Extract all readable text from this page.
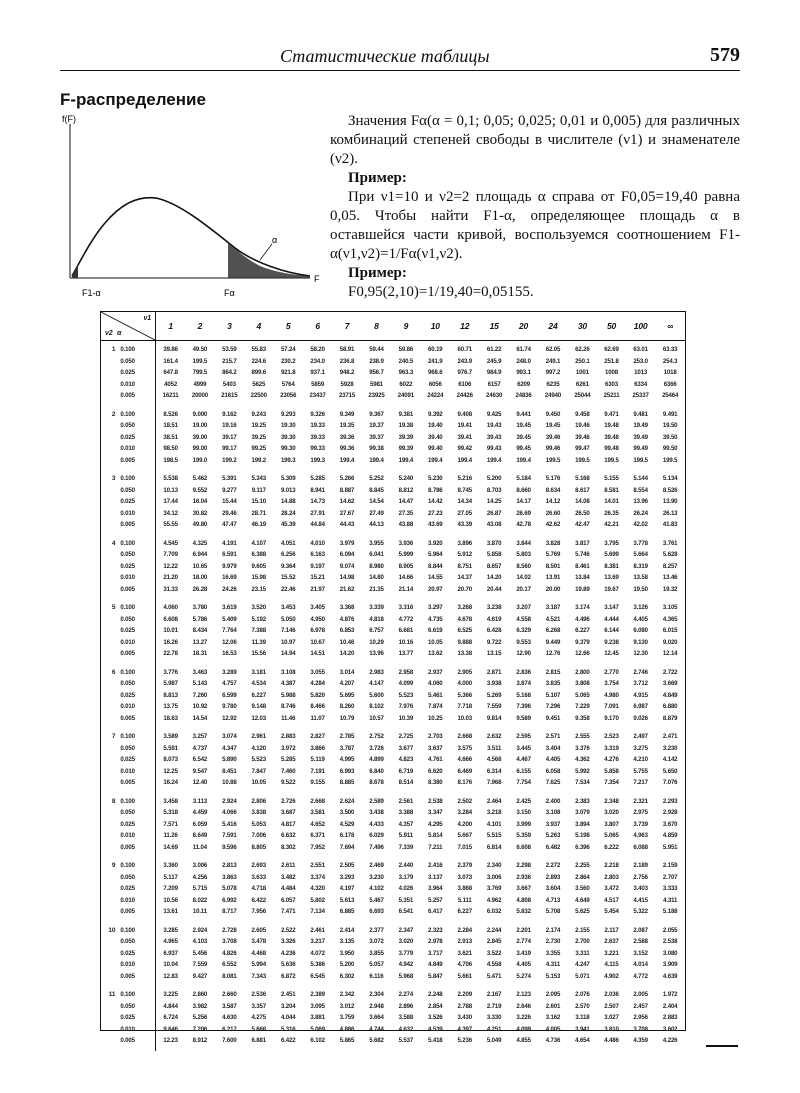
Статистические таблицы	579
F-распределение
f(F)
F
α
F1-α	Fα

Значения Fα(α = 0,1; 0,05; 0,025; 0,01 и 0,005) для различных комбинаций степеней свободы в числителе (ν1) и знаменателе (ν2).

Пример:

При ν1=10 и ν2=2 площадь α справа от F0,05=19,40 равна 0,05. Чтобы найти F1-α, определяющее площадь α в оставшейся части кривой, воспользуемся соотношением F1-α(ν1,ν2)=1/Fα(ν1,ν2).

Пример:

F0,95(2,10)=1/19,40=0,05155.

ν1
ν2 α		1	2	3	4	5	6	7	8	9	10	12	15	20	24	30	50	100	∞
1	0.100	39.86	49.50	53.59	55.83	57.24	58.20	58.91	59.44	59.86	60.19	60.71	61.22	61.74	62.05	62.26	62.69	63.01	63.33
	0.050	161.4	199.5	215.7	224.6	230.2	234.0	236.8	238.9	240.5	241.9	243.9	245.9	248.0	249.1	250.1	251.8	253.0	254.3
	0.025	647.8	799.5	864.2	899.6	921.8	937.1	948.2	956.7	963.3	968.6	976.7	984.9	993.1	997.2	1001	1008	1013	1018
	0.010	4052	4999	5403	5625	5764	5859	5928	5981	6022	6056	6106	6157	6209	6235	6261	6303	6334	6366
	0.005	16211	20000	21615	22500	23056	23437	23715	23925	24091	24224	24426	24630	24836	24940	25044	25211	25337	25464
2	0.100	8.526	9.000	9.162	9.243	9.293	9.326	9.349	9.367	9.381	9.392	9.408	9.425	9.441	9.450	9.458	9.471	9.481	9.491
	0.050	18.51	19.00	19.16	19.25	19.30	19.33	19.35	19.37	19.38	19.40	19.41	19.43	19.45	19.45	19.46	19.48	19.49	19.50
	0.025	38.51	39.00	39.17	39.25	39.30	39.33	39.36	39.37	39.39	39.40	39.41	39.43	39.45	39.46	39.46	39.48	39.49	39.50
	0.010	98.50	99.00	99.17	99.25	99.30	99.33	99.36	99.38	99.39	99.40	99.42	99.43	99.45	99.46	99.47	99.48	99.49	99.50
	0.005	198.5	199.0	199.2	199.2	199.3	199.3	199.4	199.4	199.4	199.4	199.4	199.4	199.4	199.5	199.5	199.5	199.5	199.5
3	0.100	5.538	5.462	5.391	5.343	5.309	5.285	5.266	5.252	5.240	5.230	5.216	5.200	5.184	5.176	5.168	5.155	5.144	5.134
	0.050	10.13	9.552	9.277	9.117	9.013	8.941	8.887	8.845	8.812	8.786	8.745	8.703	8.660	8.634	8.617	8.581	8.554	8.526
	0.025	17.44	16.04	15.44	15.10	14.88	14.73	14.62	14.54	14.47	14.42	14.34	14.25	14.17	14.12	14.08	14.01	13.96	13.90
	0.010	34.12	30.82	29.46	28.71	28.24	27.91	27.67	27.49	27.35	27.23	27.05	26.87	26.69	26.60	26.50	26.35	26.24	26.13
	0.005	55.55	49.80	47.47	46.19	45.39	44.84	44.43	44.13	43.88	43.69	43.39	43.08	42.78	42.62	42.47	42.21	42.02	41.83
4	0.100	4.545	4.325	4.191	4.107	4.051	4.010	3.979	3.955	3.936	3.920	3.896	3.870	3.844	3.828	3.817	3.795	3.778	3.761
	0.050	7.709	6.944	6.591	6.388	6.256	6.163	6.094	6.041	5.999	5.964	5.912	5.858	5.803	5.769	5.746	5.699	5.664	5.628
	0.025	12.22	10.65	9.979	9.605	9.364	9.197	9.074	8.980	8.905	8.844	8.751	8.657	8.560	8.501	8.461	8.381	8.319	8.257
	0.010	21.20	18.00	16.69	15.98	15.52	15.21	14.98	14.80	14.66	14.55	14.37	14.20	14.02	13.91	13.84	13.69	13.58	13.46
	0.005	31.33	26.28	24.26	23.15	22.46	21.97	21.62	21.35	21.14	20.97	20.70	20.44	20.17	20.00	19.89	19.67	19.50	19.32
5	0.100	4.060	3.780	3.619	3.520	3.453	3.405	3.368	3.339	3.316	3.297	3.268	3.238	3.207	3.187	3.174	3.147	3.126	3.105
	0.050	6.608	5.786	5.409	5.192	5.050	4.950	4.876	4.818	4.772	4.735	4.678	4.619	4.558	4.521	4.496	4.444	4.405	4.365
	0.025	10.01	8.434	7.764	7.388	7.146	6.978	6.853	6.757	6.681	6.619	6.525	6.428	6.329	6.268	6.227	6.144	6.080	6.015
	0.010	16.26	13.27	12.06	11.39	10.97	10.67	10.46	10.29	10.16	10.05	9.888	9.722	9.553	9.449	9.379	9.238	9.130	9.020
	0.005	22.78	18.31	16.53	15.56	14.94	14.51	14.20	13.96	13.77	13.62	13.38	13.15	12.90	12.76	12.66	12.45	12.30	12.14
6	0.100	3.776	3.463	3.289	3.181	3.108	3.055	3.014	2.983	2.958	2.937	2.905	2.871	2.836	2.815	2.800	2.770	2.746	2.722
	0.050	5.987	5.143	4.757	4.534	4.387	4.284	4.207	4.147	4.099	4.060	4.000	3.938	3.874	3.835	3.808	3.754	3.712	3.669
	0.025	8.813	7.260	6.599	6.227	5.988	5.820	5.695	5.600	5.523	5.461	5.366	5.269	5.168	5.107	5.065	4.980	4.915	4.849
	0.010	13.75	10.92	9.780	9.148	8.746	8.466	8.260	8.102	7.976	7.874	7.718	7.559	7.396	7.296	7.229	7.091	6.987	6.880
	0.005	18.63	14.54	12.92	12.03	11.46	11.07	10.79	10.57	10.39	10.25	10.03	9.814	9.589	9.451	9.358	9.170	9.026	8.879
7	0.100	3.589	3.257	3.074	2.961	2.883	2.827	2.785	2.752	2.725	2.703	2.668	2.632	2.595	2.571	2.555	2.523	2.497	2.471
	0.050	5.591	4.737	4.347	4.120	3.972	3.866	3.787	3.726	3.677	3.637	3.575	3.511	3.445	3.404	3.376	3.319	3.275	3.230
	0.025	8.073	6.542	5.890	5.523	5.285	5.119	4.995	4.899	4.823	4.761	4.666	4.568	4.467	4.405	4.362	4.276	4.210	4.142
	0.010	12.25	9.547	8.451	7.847	7.460	7.191	6.993	6.840	6.719	6.620	6.469	6.314	6.155	6.058	5.992	5.858	5.755	5.650
	0.005	16.24	12.40	10.88	10.05	9.522	9.155	8.885	8.678	8.514	8.380	8.176	7.968	7.754	7.625	7.534	7.354	7.217	7.076
8	0.100	3.458	3.113	2.924	2.806	2.726	2.668	2.624	2.589	2.561	2.538	2.502	2.464	2.425	2.400	2.383	2.348	2.321	2.293
	0.050	5.318	4.459	4.066	3.838	3.687	3.581	3.500	3.438	3.388	3.347	3.284	3.218	3.150	3.108	3.079	3.020	2.975	2.928
	0.025	7.571	6.059	5.416	5.053	4.817	4.652	4.529	4.433	4.357	4.295	4.200	4.101	3.999	3.937	3.894	3.807	3.739	3.670
	0.010	11.26	8.649	7.591	7.006	6.632	6.371	6.178	6.029	5.911	5.814	5.667	5.515	5.359	5.263	5.198	5.065	4.963	4.859
	0.005	14.69	11.04	9.596	8.805	8.302	7.952	7.694	7.496	7.339	7.211	7.015	6.814	6.608	6.482	6.396	6.222	6.088	5.951
9	0.100	3.360	3.006	2.813	2.693	2.611	2.551	2.505	2.469	2.440	2.416	2.379	2.340	2.298	2.272	2.255	2.218	2.189	2.159
	0.050	5.117	4.256	3.863	3.633	3.482	3.374	3.293	3.230	3.179	3.137	3.073	3.006	2.936	2.893	2.864	2.803	2.756	2.707
	0.025	7.209	5.715	5.078	4.718	4.484	4.320	4.197	4.102	4.026	3.964	3.868	3.769	3.667	3.604	3.560	3.472	3.403	3.333
	0.010	10.56	8.022	6.992	6.422	6.057	5.802	5.613	5.467	5.351	5.257	5.111	4.962	4.808	4.713	4.649	4.517	4.415	4.311
	0.005	13.61	10.11	8.717	7.956	7.471	7.134	6.885	6.693	6.541	6.417	6.227	6.032	5.832	5.708	5.625	5.454	5.322	5.188
10	0.100	3.285	2.924	2.728	2.605	2.522	2.461	2.414	2.377	2.347	2.323	2.284	2.244	2.201	2.174	2.155	2.117	2.087	2.055
	0.050	4.965	4.103	3.708	3.478	3.326	3.217	3.135	3.072	3.020	2.978	2.913	2.845	2.774	2.730	2.700	2.637	2.588	2.538
	0.025	6.937	5.456	4.826	4.468	4.236	4.072	3.950	3.855	3.779	3.717	3.621	3.522	3.419	3.355	3.311	3.221	3.152	3.080
	0.010	10.04	7.559	6.552	5.994	5.636	5.386	5.200	5.057	4.942	4.849	4.706	4.558	4.405	4.311	4.247	4.115	4.014	3.909
	0.005	12.83	9.427	8.081	7.343	6.872	6.545	6.302	6.116	5.968	5.847	5.661	5.471	5.274	5.153	5.071	4.902	4.772	4.639
11	0.100	3.225	2.860	2.660	2.536	2.451	2.389	2.342	2.304	2.274	2.248	2.209	2.167	2.123	2.095	2.076	2.036	2.005	1.972
	0.050	4.844	3.982	3.587	3.357	3.204	3.095	3.012	2.948	2.896	2.854	2.788	2.719	2.646	2.601	2.570	2.507	2.457	2.404
	0.025	6.724	5.256	4.630	4.275	4.044	3.881	3.759	3.664	3.588	3.526	3.430	3.330	3.226	3.162	3.118	3.027	2.956	2.883
	0.010	9.646	7.206	6.217	5.668	5.316	5.069	4.886	4.744	4.632	4.539	4.397	4.251	4.099	4.005	3.941	3.810	3.708	3.602
	0.005	12.23	8.912	7.600	6.881	6.422	6.102	5.865	5.682	5.537	5.418	5.236	5.049	4.855	4.736	4.654	4.486	4.359	4.226
